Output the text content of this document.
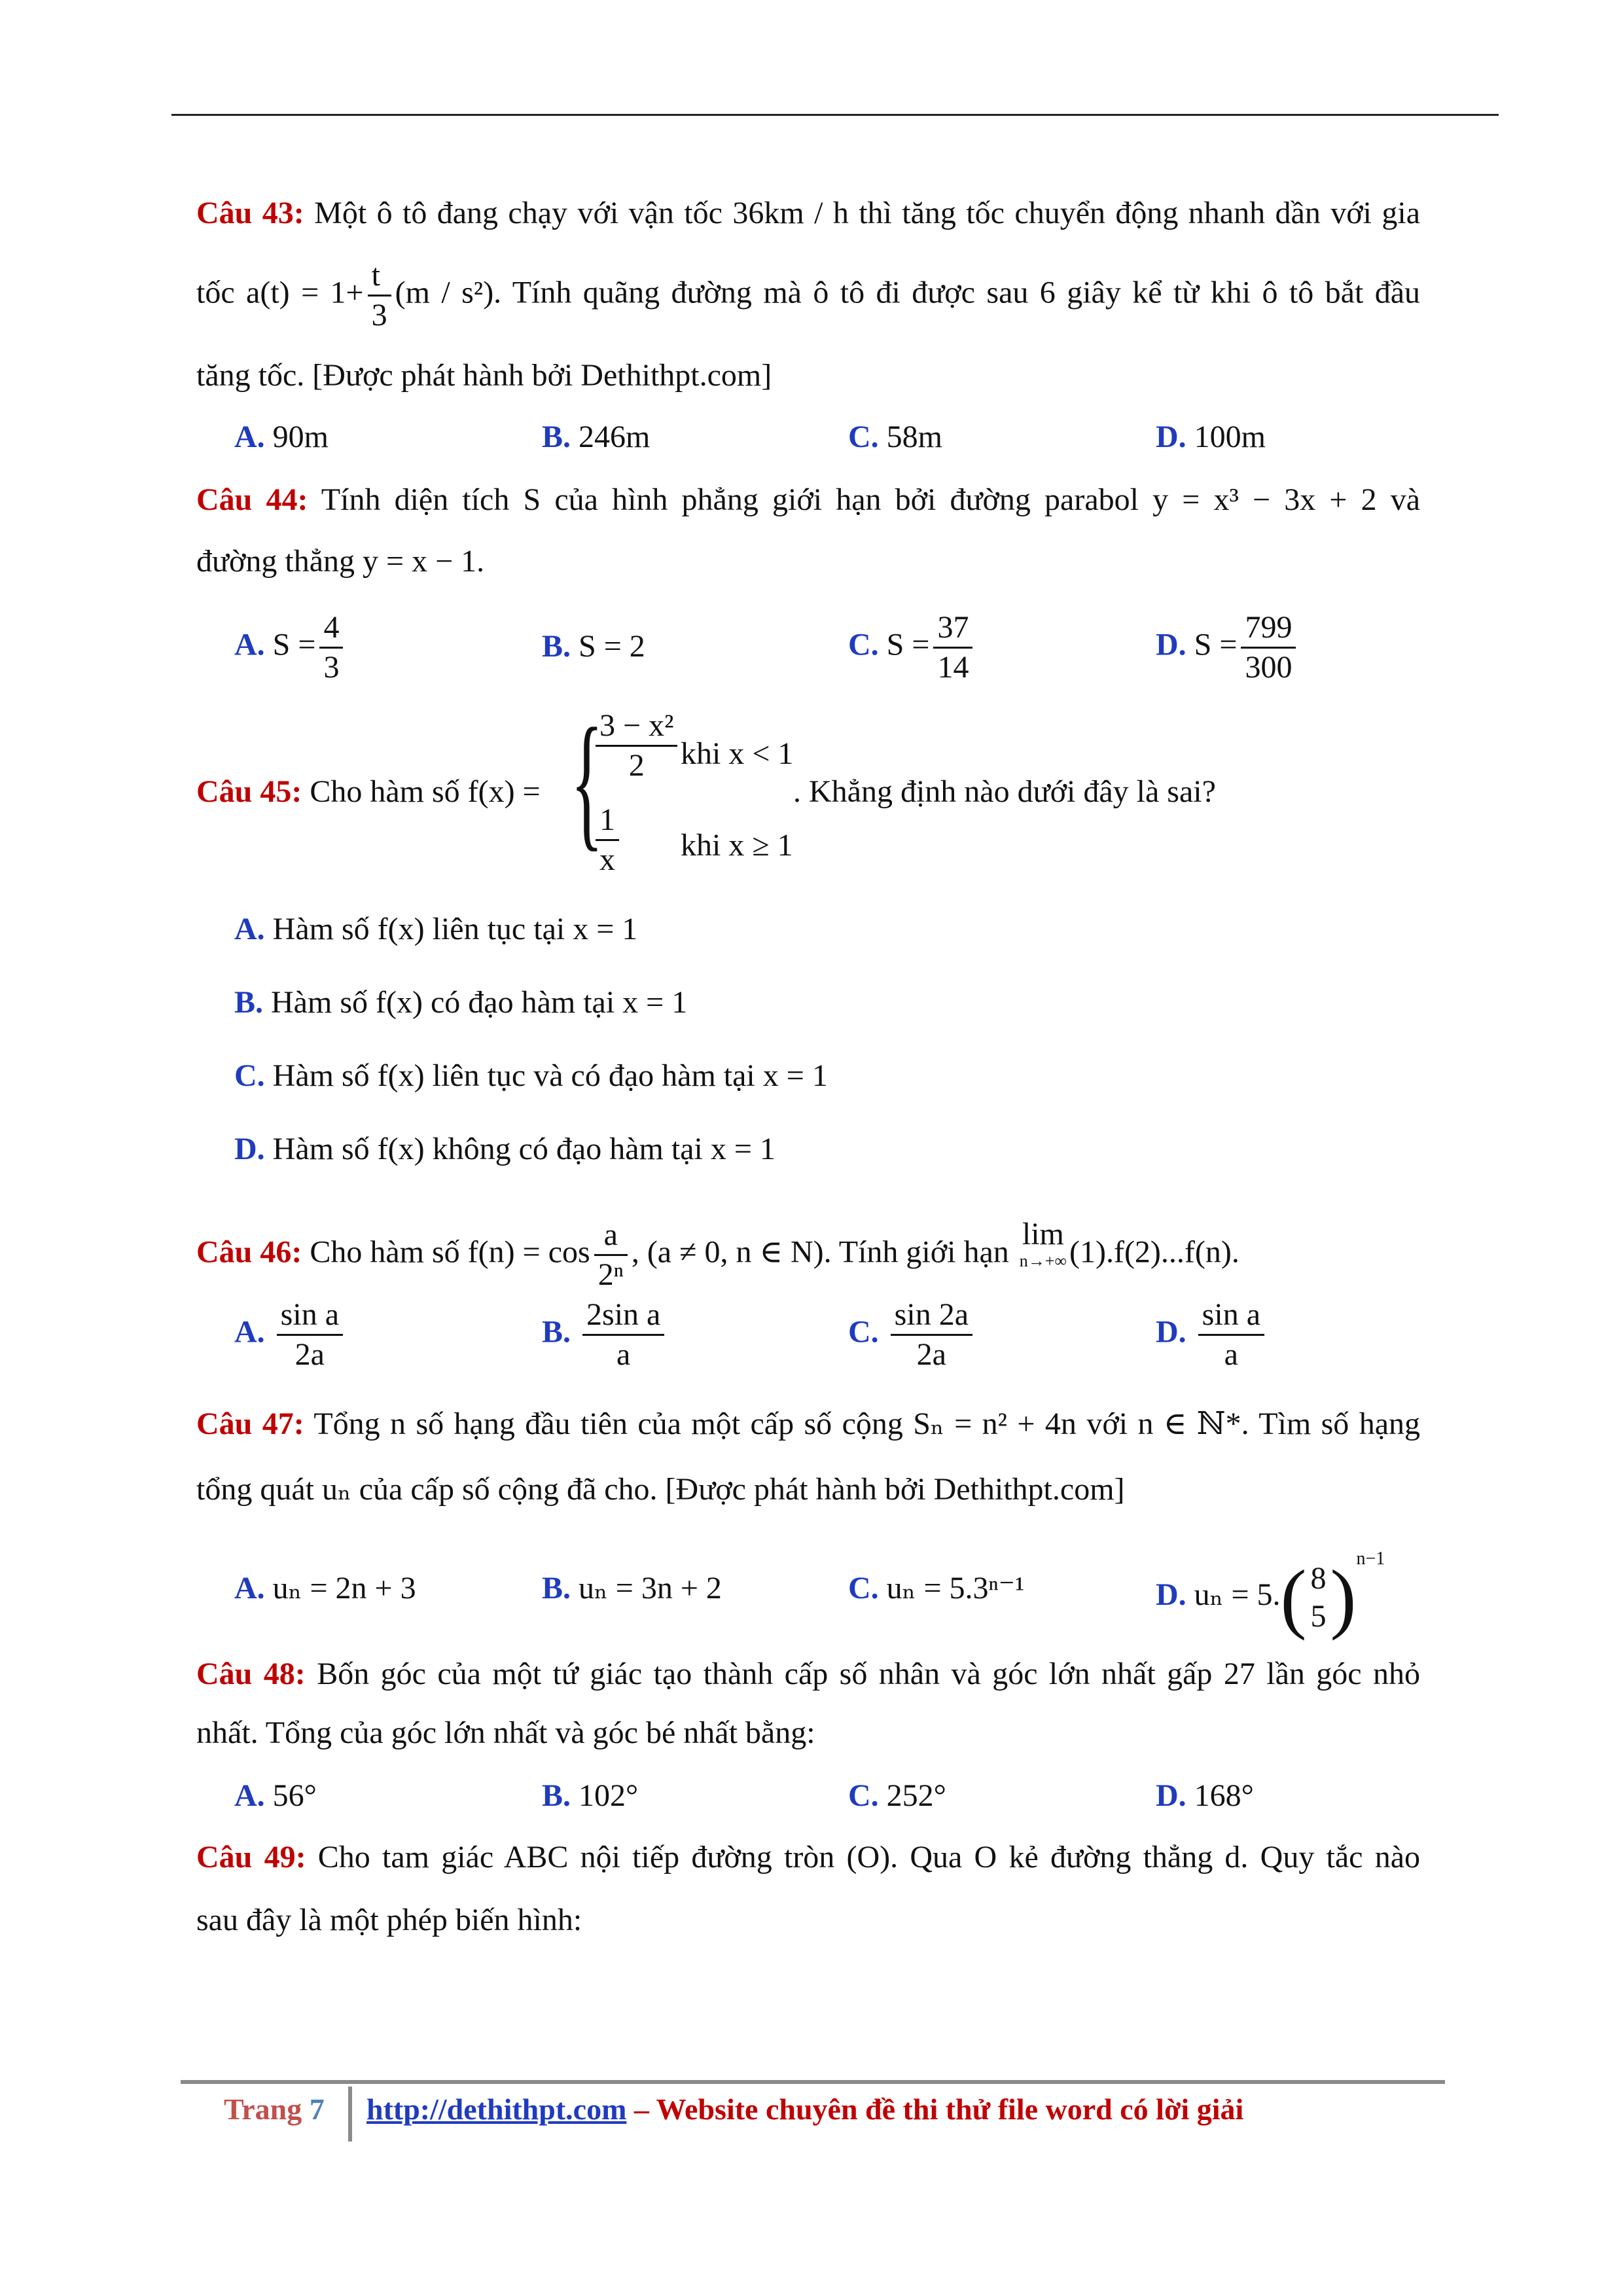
Câu 43: Một ô tô đang chạy với vận tốc 36km / h thì tăng tốc chuyển động nhanh dần với gia
tốc $a(t) = 1+ \frac{t}{3} (m / s^2)$. Tính quãng đường mà ô tô đi được sau 6 giây kể từ khi ô tô bắt đầu
tăng tốc. [Được phát hành bởi Dethithpt.com]
A. 90m	B. 246m	C. 58m	D. 100m
Câu 44: Tính diện tích S của hình phẳng giới hạn bởi đường parabol y = x³ − 3x + 2 và
đường thẳng y = x − 1.
A. $S = \frac{4}{3}$	B. S = 2	C. $S = \frac{37}{14}$	D. $S = \frac{799}{300}$
Câu 45: Cho hàm số f(x) = {
$\frac{\text{3 − x²}}{2}$ khi x < 1
$\frac{1}{x}$ khi x ≥ 1
. Khẳng định nào dưới đây là sai?
A. Hàm số f(x) liên tục tại x = 1
B. Hàm số f(x) có đạo hàm tại x = 1
C. Hàm số f(x) liên tục và có đạo hàm tại x = 1
D. Hàm số f(x) không có đạo hàm tại x = 1
Câu 46: Cho hàm số $f(n) = \cos \frac{a}{\text{2ⁿ}}$ , (a ≠ 0, n ∈ N). Tính giới hạn
lim
n→+∞ (1).f(2)...f(n).
A. $\frac{\text{sin a}}{2a}$	B. $\frac{\text{2sin a}}{a}$	C. $\frac{\sin 2a}{2a}$	D. $\frac{\text{sin a}}{a}$
Câu 47: Tổng n số hạng đầu tiên của một cấp số cộng Sₙ = n² + 4n với n ∈ ℕ*. Tìm số hạng
tổng quát uₙ của cấp số cộng đã cho. [Được phát hành bởi Dethithpt.com]
A. uₙ = 2n + 3	B. uₙ = 3n + 2	C. uₙ = 5.3ⁿ⁻¹	D. uₙ = 5.( 8
5 )$^{n-1}$
Câu 48: Bốn góc của một tứ giác tạo thành cấp số nhân và góc lớn nhất gấp 27 lần góc nhỏ
nhất. Tổng của góc lớn nhất và góc bé nhất bằng:
A. 56°	B. 102°	C. 252°	D. 168°
Câu 49: Cho tam giác ABC nội tiếp đường tròn (O). Qua O kẻ đường thẳng d. Quy tắc nào
sau đây là một phép biến hình:
Trang 7 http://dethithpt.com – Website chuyên đề thi thử file word có lời giải
